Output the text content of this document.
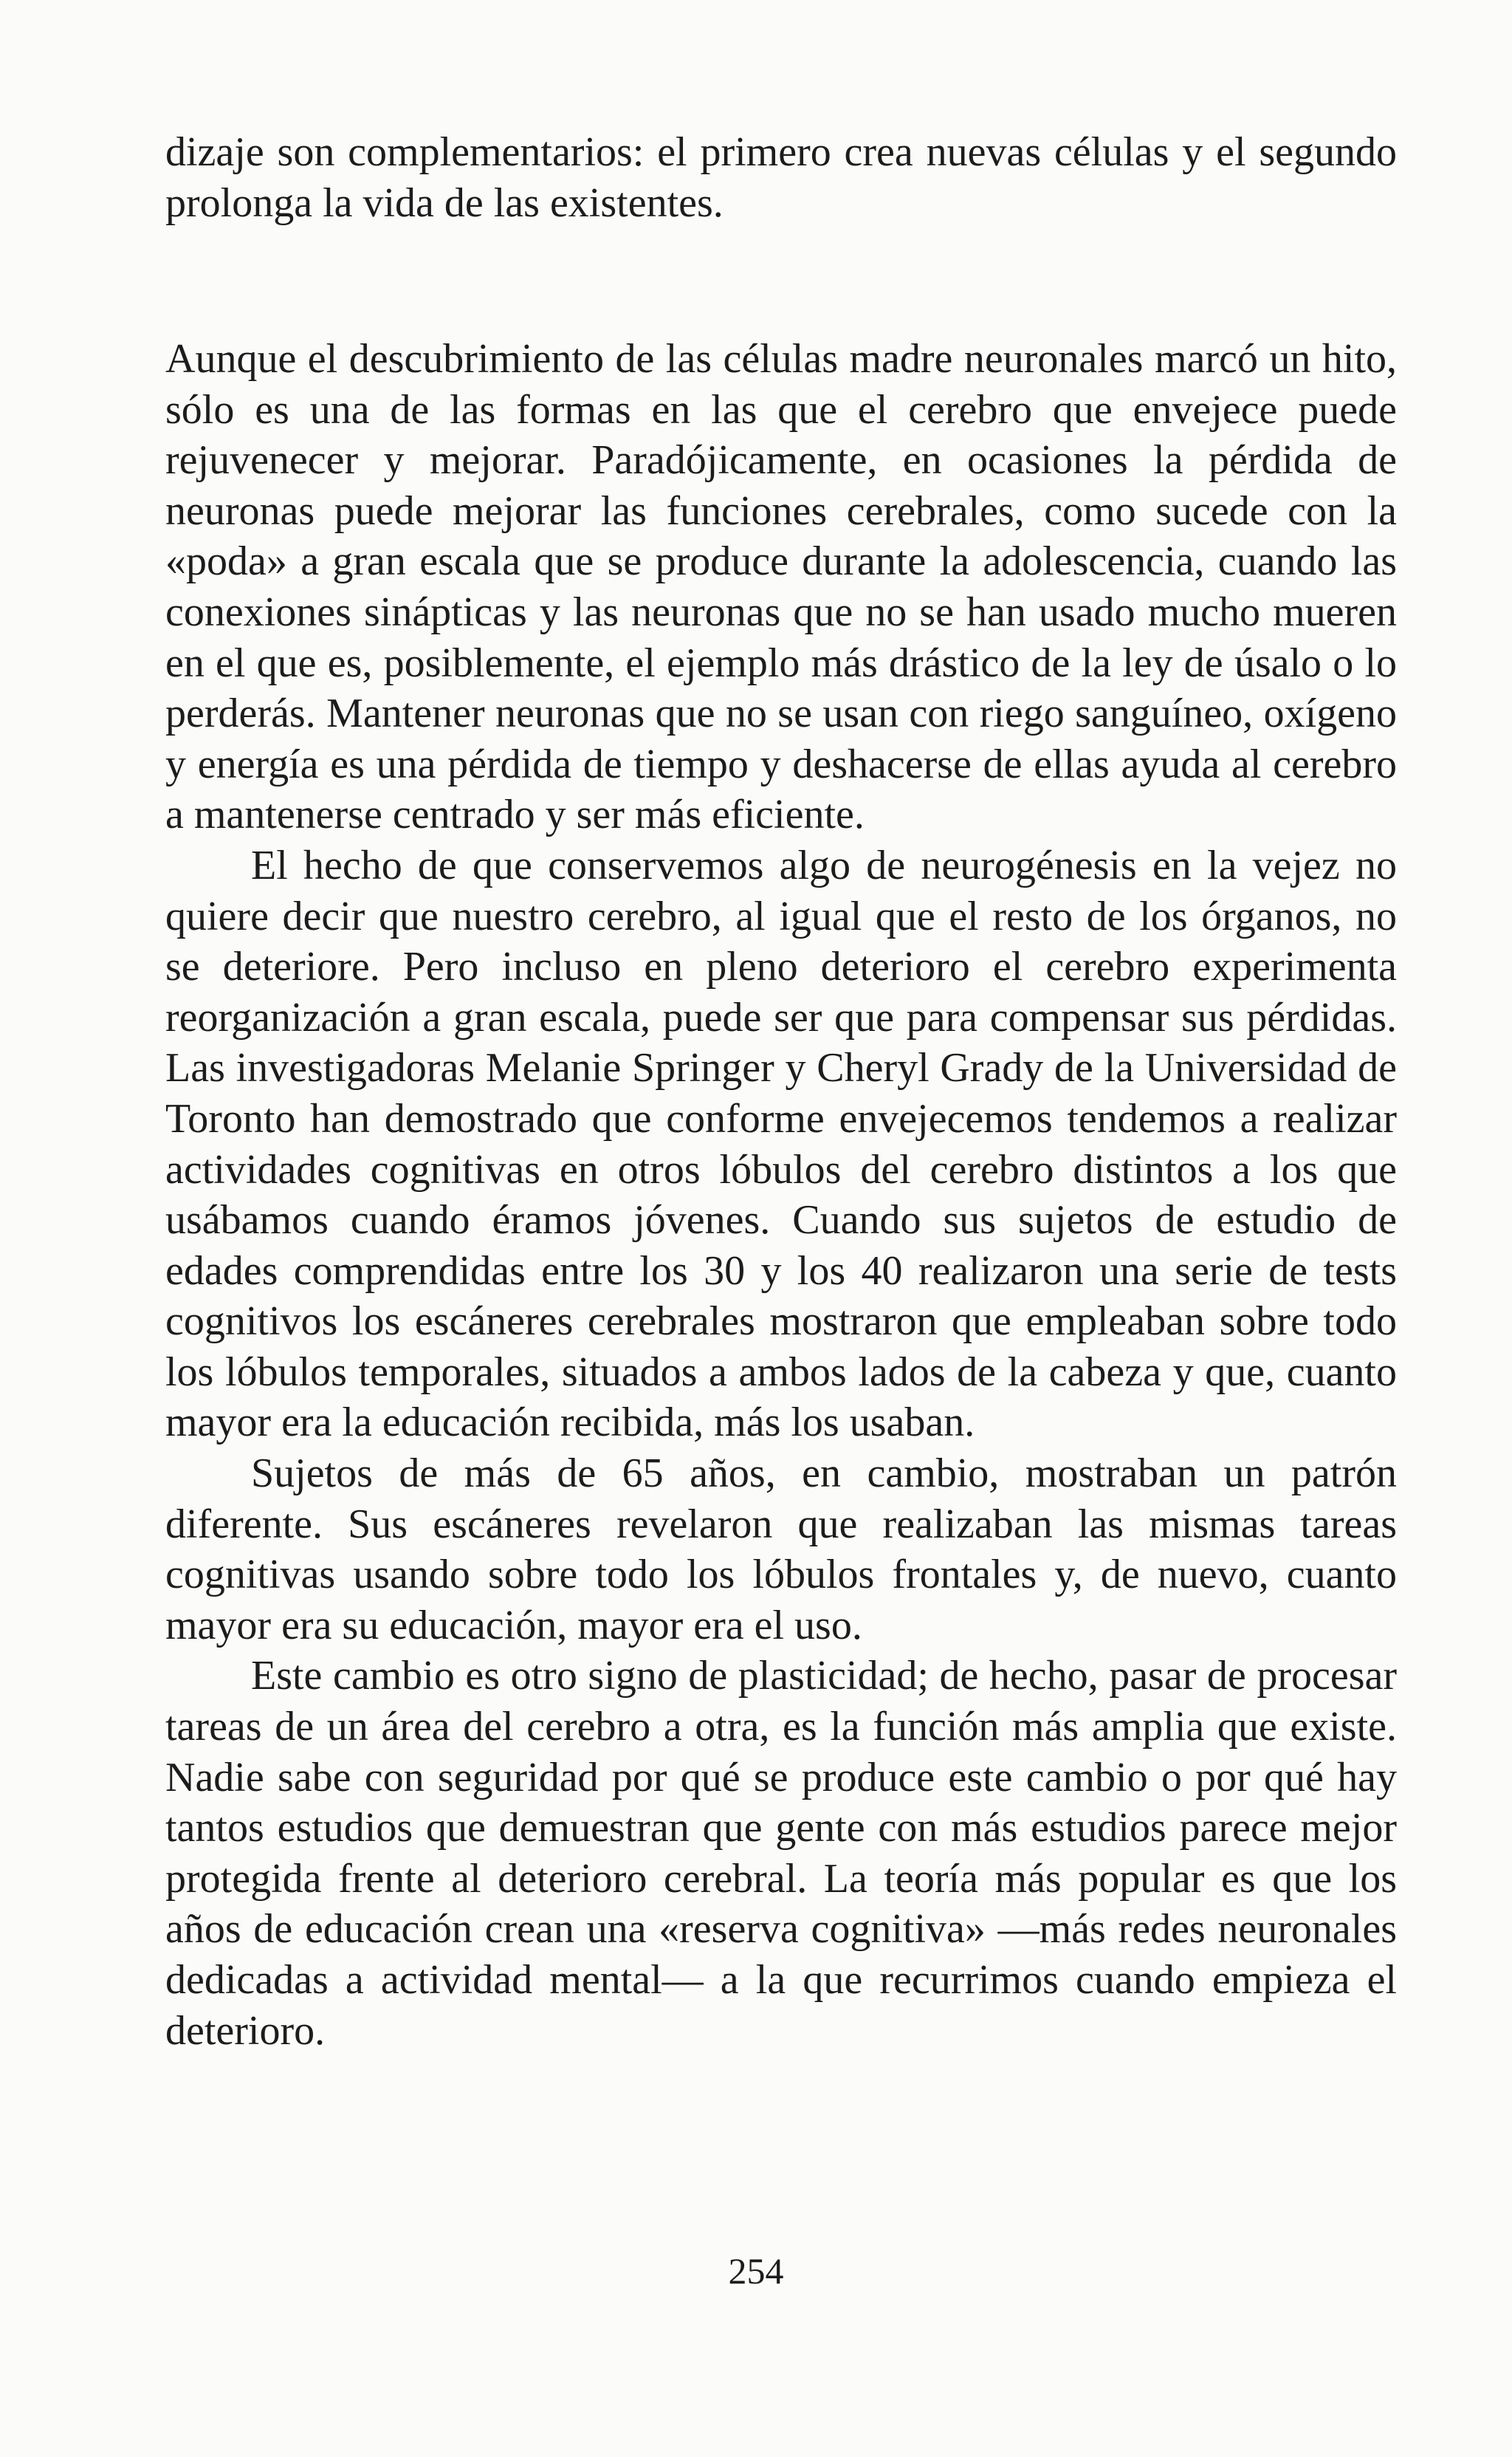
dizaje son complementarios: el primero crea nuevas células y el segundo prolonga la vida de las existentes.

Aunque el descubrimiento de las células madre neuronales marcó un hito, sólo es una de las formas en las que el cerebro que envejece puede rejuvenecer y mejorar. Paradójicamente, en ocasiones la pérdida de neuronas puede mejorar las funciones cerebrales, como sucede con la «poda» a gran escala que se produce durante la adolescencia, cuando las conexiones sinápticas y las neuronas que no se han usado mucho mueren en el que es, posiblemente, el ejemplo más drástico de la ley de úsalo o lo perderás. Mantener neuronas que no se usan con riego sanguíneo, oxígeno y energía es una pérdida de tiempo y deshacerse de ellas ayuda al cerebro a mantenerse centrado y ser más eficiente.

El hecho de que conservemos algo de neurogénesis en la vejez no quiere decir que nuestro cerebro, al igual que el resto de los órganos, no se deteriore. Pero incluso en pleno deterioro el cerebro experimenta reorganización a gran escala, puede ser que para compensar sus pérdidas. Las investigadoras Melanie Springer y Cheryl Grady de la Universidad de Toronto han demostrado que conforme envejecemos tendemos a realizar actividades cognitivas en otros lóbulos del cerebro distintos a los que usábamos cuando éramos jóvenes. Cuando sus sujetos de estudio de edades comprendidas entre los 30 y los 40 realizaron una serie de tests cognitivos los escáneres cerebrales mostraron que empleaban sobre todo los lóbulos temporales, situados a ambos lados de la cabeza y que, cuanto mayor era la educación recibida, más los usaban.

Sujetos de más de 65 años, en cambio, mostraban un patrón diferente. Sus escáneres revelaron que realizaban las mismas tareas cognitivas usando sobre todo los lóbulos frontales y, de nuevo, cuanto mayor era su educación, mayor era el uso.

Este cambio es otro signo de plasticidad; de hecho, pasar de procesar tareas de un área del cerebro a otra, es la función más amplia que existe. Nadie sabe con seguridad por qué se produce este cambio o por qué hay tantos estudios que demuestran que gente con más estudios parece mejor protegida frente al deterioro cerebral. La teoría más popular es que los años de educación crean una «reserva cognitiva» —más redes neuronales dedicadas a actividad mental— a la que recurrimos cuando empieza el deterioro.

254
